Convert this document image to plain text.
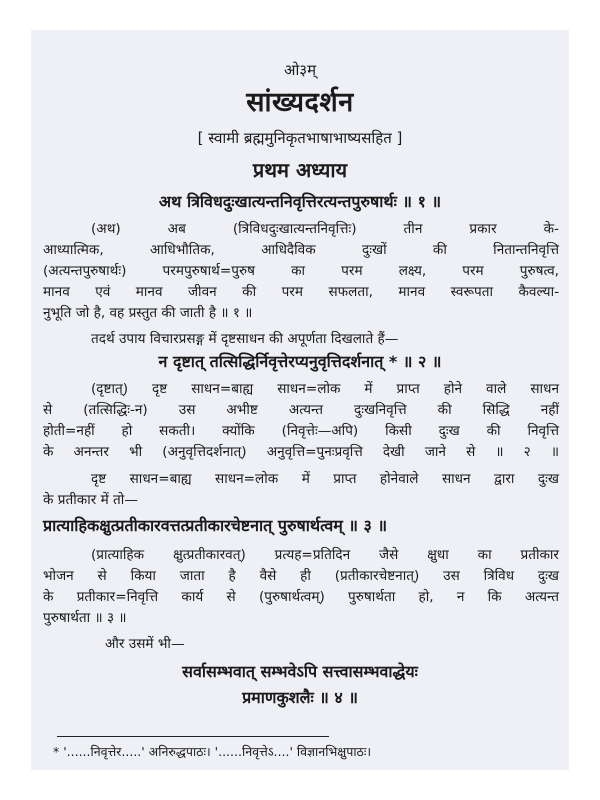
ओ३म्
सांख्यदर्शन
[ स्वामी ब्रह्ममुनिकृतभाषाभाष्यसहित ]
प्रथम अध्याय
अथ त्रिविधदुःखात्यन्तनिवृत्तिरत्यन्तपुरुषार्थः ॥ १ ॥
(अथ) अब (त्रिविधदुःखात्यन्तनिवृत्तिः) तीन प्रकार के-
आध्यात्मिक, आधिभौतिक, आधिदैविक दुःखों की नितान्तनिवृत्ति
(अत्यन्तपुरुषार्थः) परमपुरुषार्थ=पुरुष का परम लक्ष्य, परम पुरुषत्व,
मानव एवं मानव जीवन की परम सफलता, मानव स्वरूपता कैवल्या-
नुभूति जो है, वह प्रस्तुत की जाती है ॥ १ ॥
तदर्थ उपाय विचारप्रसङ्ग में दृष्टसाधन की अपूर्णता दिखलाते हैं—
न दृष्टात् तत्सिद्धिर्निवृत्तेरप्यनुवृत्तिदर्शनात् * ॥ २ ॥
(दृष्टात्) दृष्ट साधन=बाह्य साधन=लोक में प्राप्त होने वाले साधन
से (तत्सिद्धिः-न) उस अभीष्ट अत्यन्त दुःखनिवृत्ति की सिद्धि नहीं
होती=नहीं हो सकती। क्योंकि (निवृत्तेः—अपि) किसी दुःख की निवृत्ति
के अनन्तर भी (अनुवृत्तिदर्शनात्) अनुवृत्ति=पुनःप्रवृत्ति देखी जाने से ॥ २ ॥
दृष्ट साधन=बाह्य साधन=लोक में प्राप्त होनेवाले साधन द्वारा दुःख
के प्रतीकार में तो—
प्रात्याहिकक्षुत्प्रतीकारवत्तत्प्रतीकारचेष्टनात् पुरुषार्थत्वम् ॥ ३ ॥
(प्रात्याहिक क्षुत्प्रतीकारवत्) प्रत्यह=प्रतिदिन जैसे क्षुधा का प्रतीकार
भोजन से किया जाता है वैसे ही (प्रतीकारचेष्टनात्) उस त्रिविध दुःख
के प्रतीकार=निवृत्ति कार्य से (पुरुषार्थत्वम्) पुरुषार्थता हो, न कि अत्यन्त
पुरुषार्थता ॥ ३ ॥
और उसमें भी—
सर्वासम्भवात् सम्भवेऽपि सत्त्वासम्भवाद्धेयः
प्रमाणकुशलैः ॥ ४ ॥
* '......निवृत्तेर.....' अनिरुद्धपाठः। '......निवृत्तेऽ....' विज्ञानभिक्षुपाठः।
